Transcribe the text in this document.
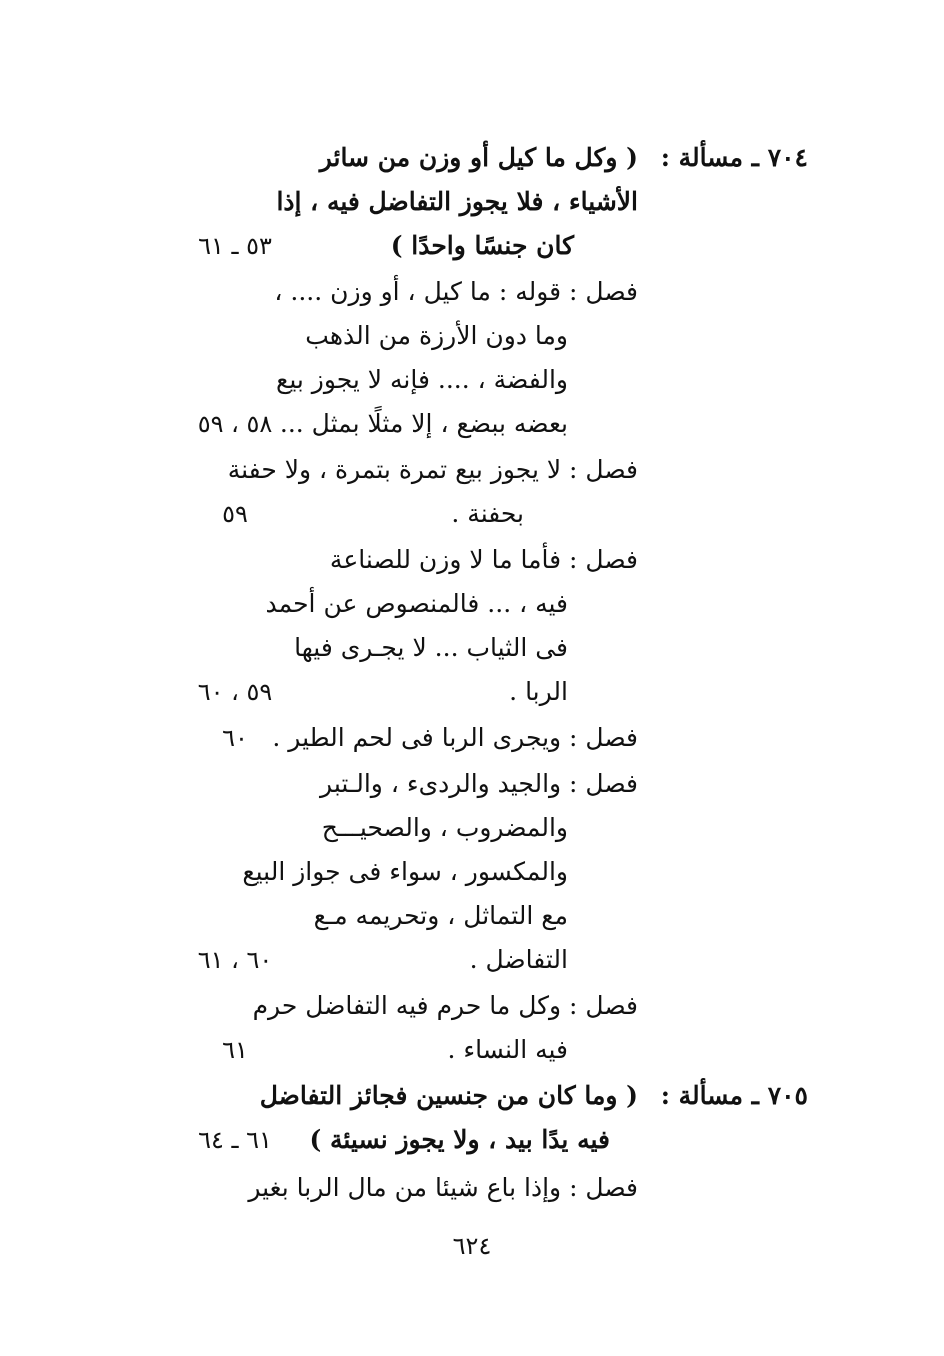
٧٠٤ ـ مسألة :
( وكل ما كيل أو وزن من سائر
الأشياء ، فلا يجوز التفاضل فيه ، إذا
كان جنسًا واحدًا )
٥٣ ـ ٦١
فصل : قوله : ما كيل ، أو وزن .... ،
وما دون الأرزة من الذهب
والفضة ، .... فإنه لا يجوز بيع
بعضه ببضع ، إلا مثلًا بمثل ...
٥٨ ، ٥٩
فصل : لا يجوز بيع تمرة بتمرة ، ولا حفنة
بحفنة .
٥٩
فصل : فأما ما لا وزن للصناعة
فيه ، ... فالمنصوص عن أحمد
فى الثياب ... لا يجـرى فيها
الربا .
٥٩ ، ٦٠
فصل : ويجرى الربا فى لحم الطير .
٦٠
فصل : والجيد والردىء ، والـتبر
والمضروب ، والصحيـــح
والمكسور ، سواء فى جواز البيع
مع التماثل ، وتحريمه مـع
التفاضل .
٦٠ ، ٦١
فصل : وكل ما حرم فيه التفاضل حرم
فيه النساء .
٦١
٧٠٥ ـ مسألة :
( وما كان من جنسين فجائز التفاضل
فيه يدًا بيد ، ولا يجوز نسيئة )
٦١ ـ ٦٤
فصل : وإذا باع شيئا من مال الربا بغير
٦٢٤
